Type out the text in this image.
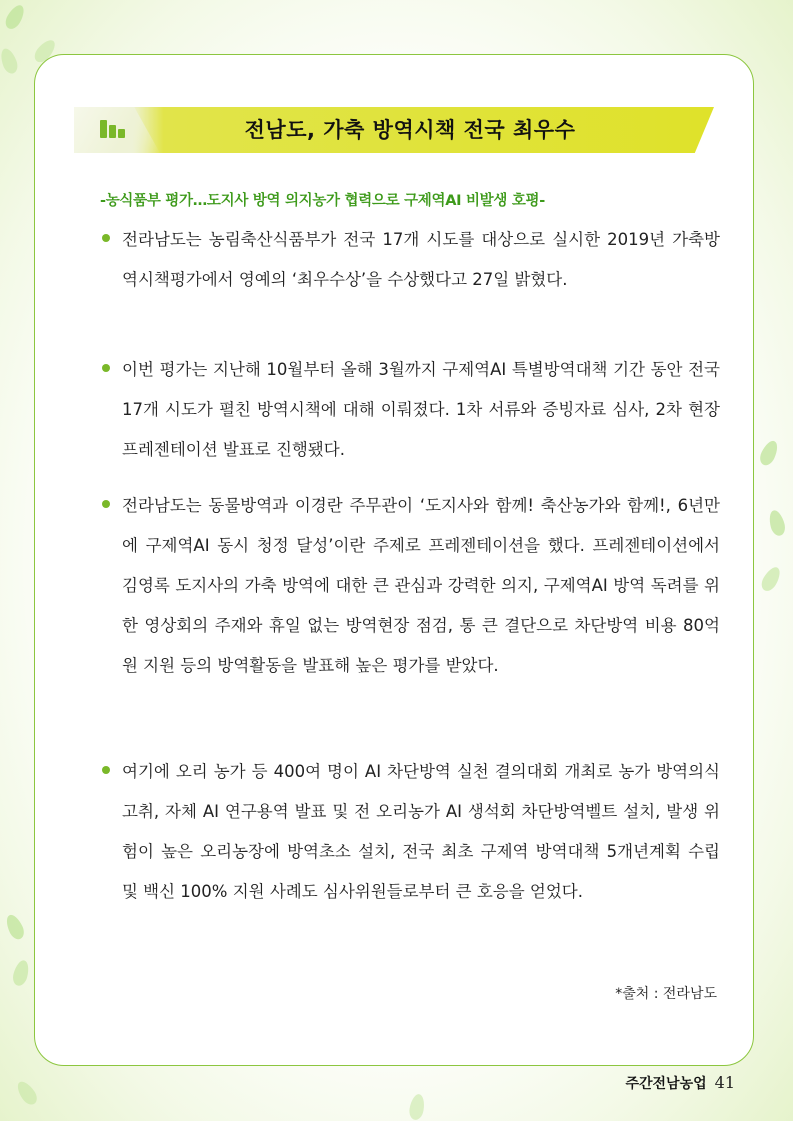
전남도, 가축 방역시책 전국 최우수
-농식품부 평가…도지사 방역 의지농가 협력으로 구제역AI 비발생 호평-
전라남도는 농림축산식품부가 전국 17개 시도를 대상으로 실시한 2019년 가축방역시책평가에서 영예의 ‘최우수상’을 수상했다고 27일 밝혔다.
이번 평가는 지난해 10월부터 올해 3월까지 구제역AI 특별방역대책 기간 동안 전국 17개 시도가 펼친 방역시책에 대해 이뤄졌다. 1차 서류와 증빙자료 심사, 2차 현장 프레젠테이션 발표로 진행됐다.
전라남도는 동물방역과 이경란 주무관이 ‘도지사와 함께! 축산농가와 함께!, 6년만에 구제역AI 동시 청정 달성’이란 주제로 프레젠테이션을 했다. 프레젠테이션에서 김영록 도지사의 가축 방역에 대한 큰 관심과 강력한 의지, 구제역AI 방역 독려를 위한 영상회의 주재와 휴일 없는 방역현장 점검, 통 큰 결단으로 차단방역 비용 80억 원 지원 등의 방역활동을 발표해 높은 평가를 받았다.
여기에 오리 농가 등 400여 명이 AI 차단방역 실천 결의대회 개최로 농가 방역의식 고취, 자체 AI 연구용역 발표 및 전 오리농가 AI 생석회 차단방역벨트 설치, 발생 위험이 높은 오리농장에 방역초소 설치, 전국 최초 구제역 방역대책 5개년계획 수립 및 백신 100% 지원 사례도 심사위원들로부터 큰 호응을 얻었다.
*출처 : 전라남도
주간전남농업 41
